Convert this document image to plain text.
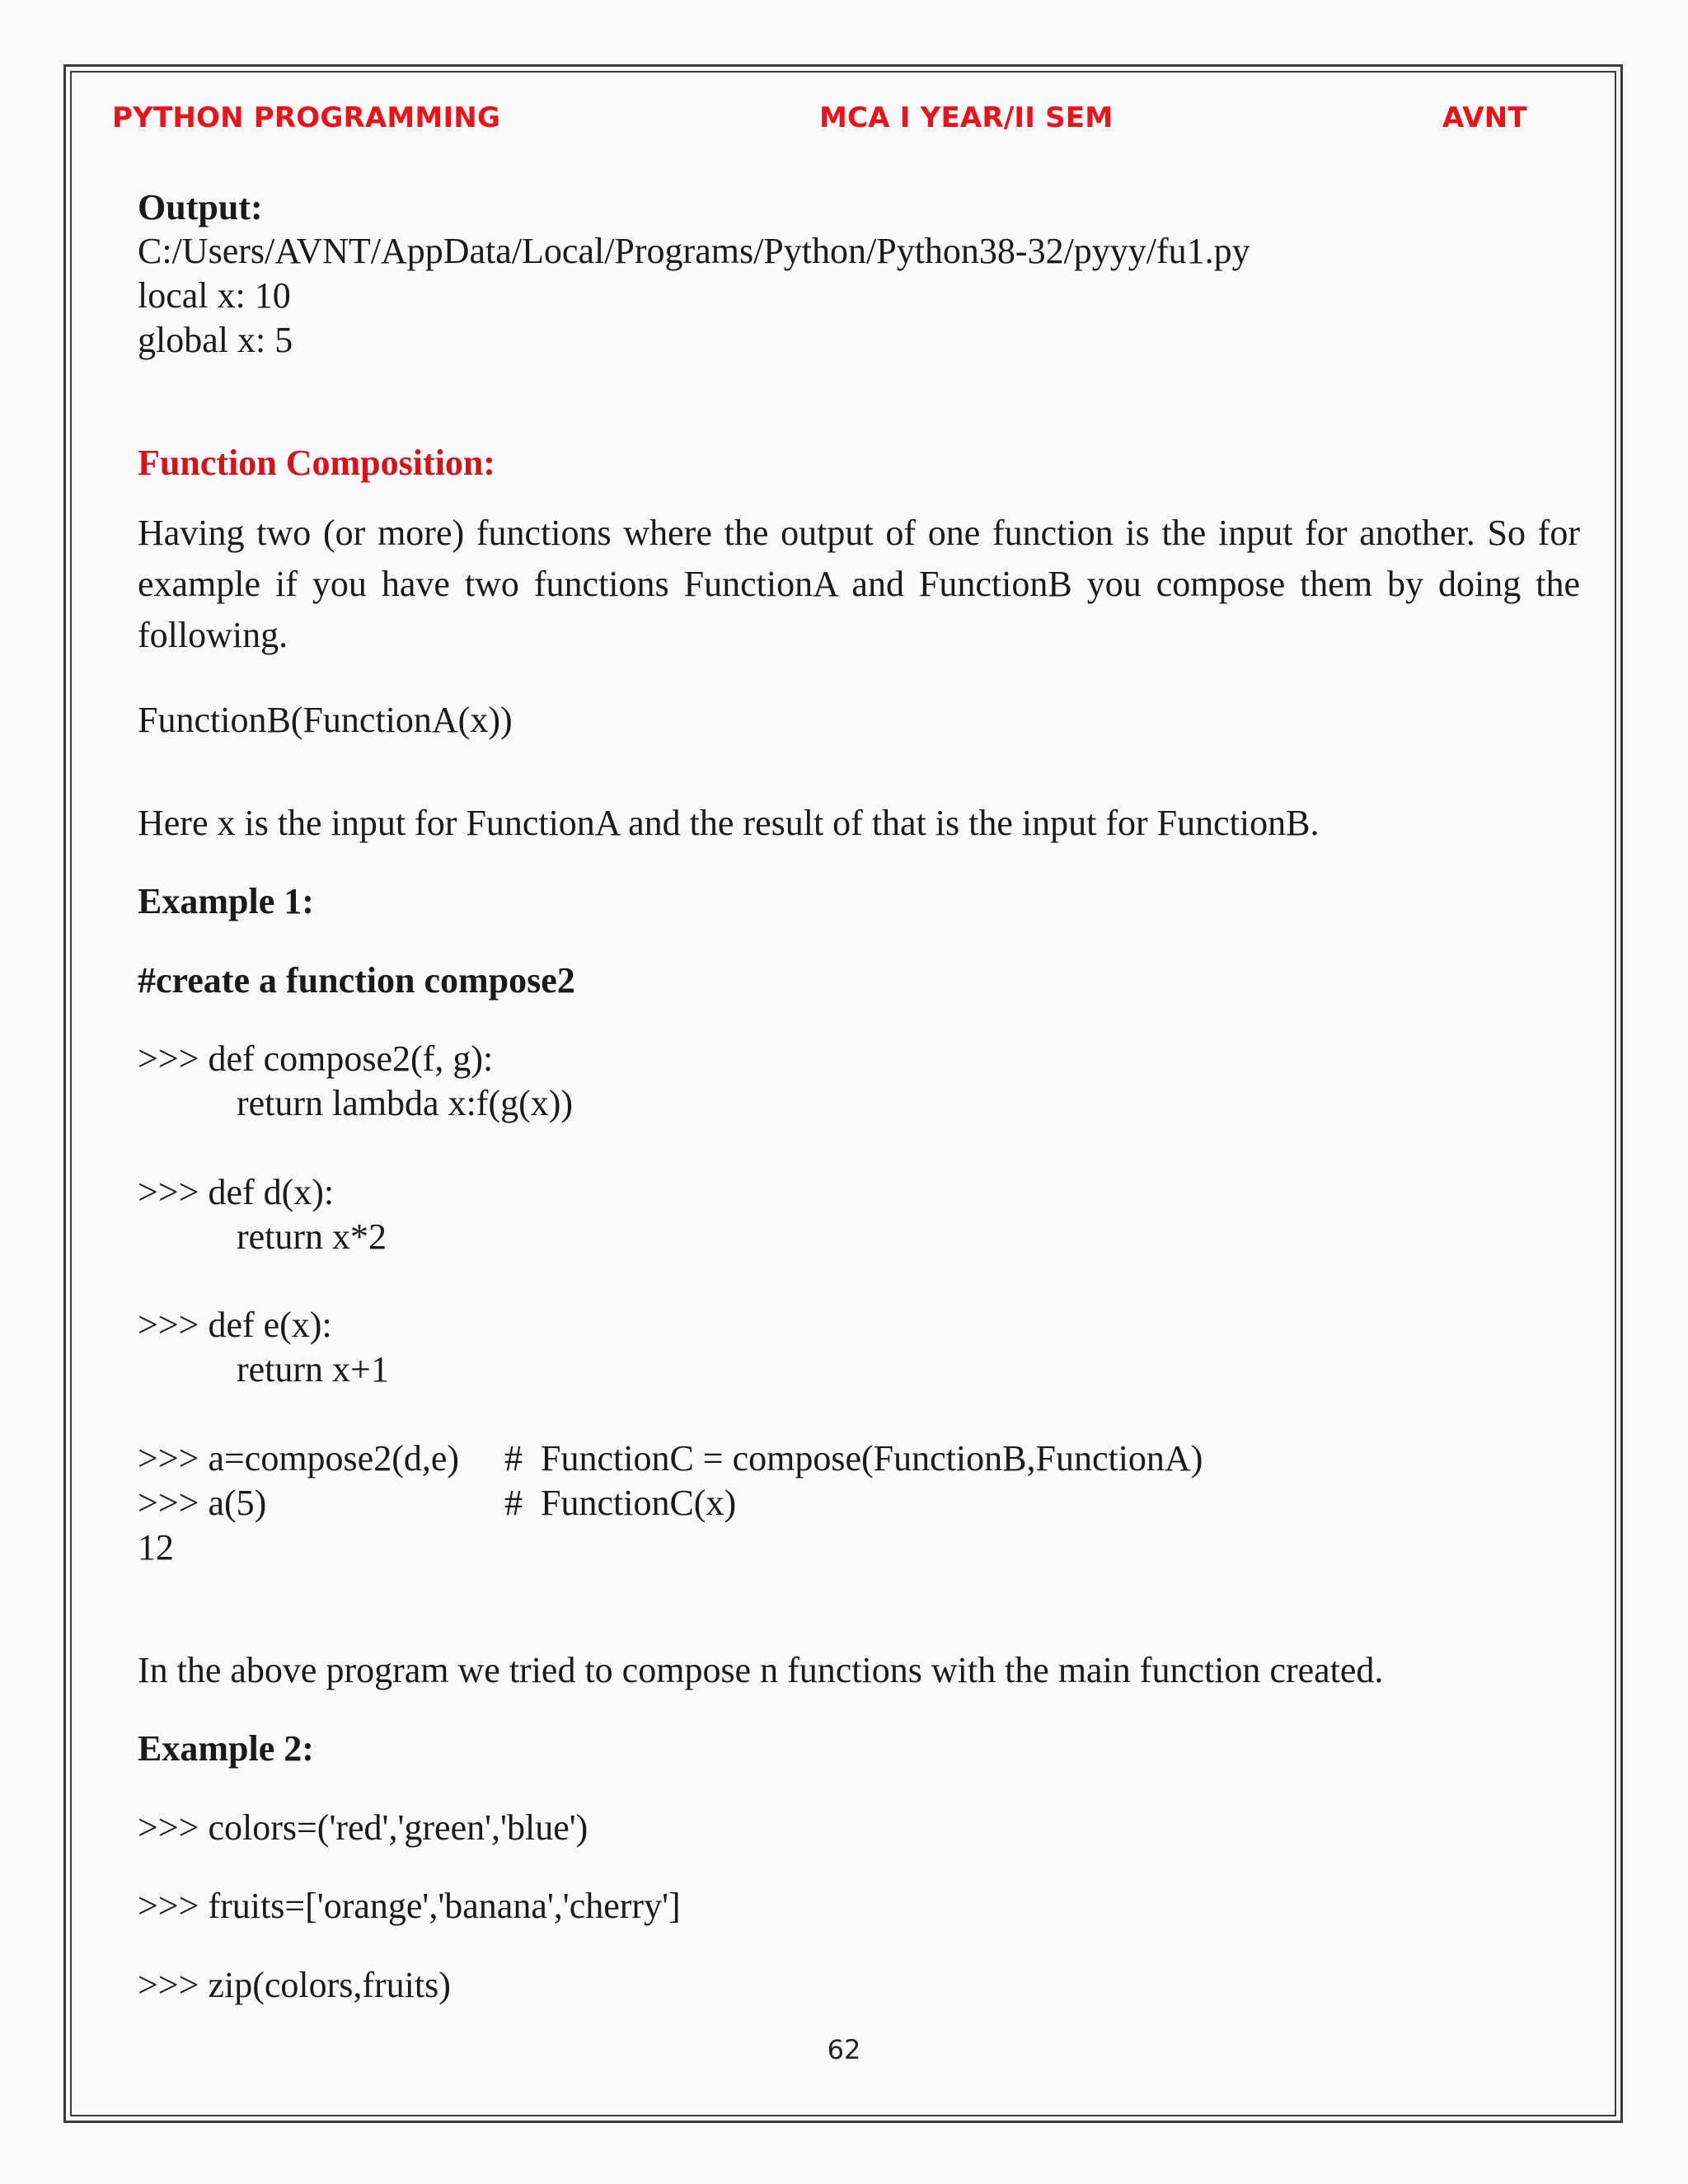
PYTHON PROGRAMMING	MCA I YEAR/II SEM	AVNT
Output:
C:/Users/AVNT/AppData/Local/Programs/Python/Python38-32/pyyy/fu1.py
local x: 10
global x: 5
Function Composition:
Having two (or more) functions where the output of one function is the input for another. So for example if you have two functions FunctionA and FunctionB you compose them by doing the following.
FunctionB(FunctionA(x))
Here x is the input for FunctionA and the result of that is the input for FunctionB.
Example 1:
#create a function compose2
>>> def compose2(f, g):
return lambda x:f(g(x))
>>> def d(x):
return x*2
>>> def e(x):
return x+1
>>> a=compose2(d,e) #  FunctionC = compose(FunctionB,FunctionA)
>>> a(5)	#  FunctionC(x)
12
In the above program we tried to compose n functions with the main function created.
Example 2:
>>> colors=('red','green','blue')
>>> fruits=['orange','banana','cherry']
>>> zip(colors,fruits)
62
